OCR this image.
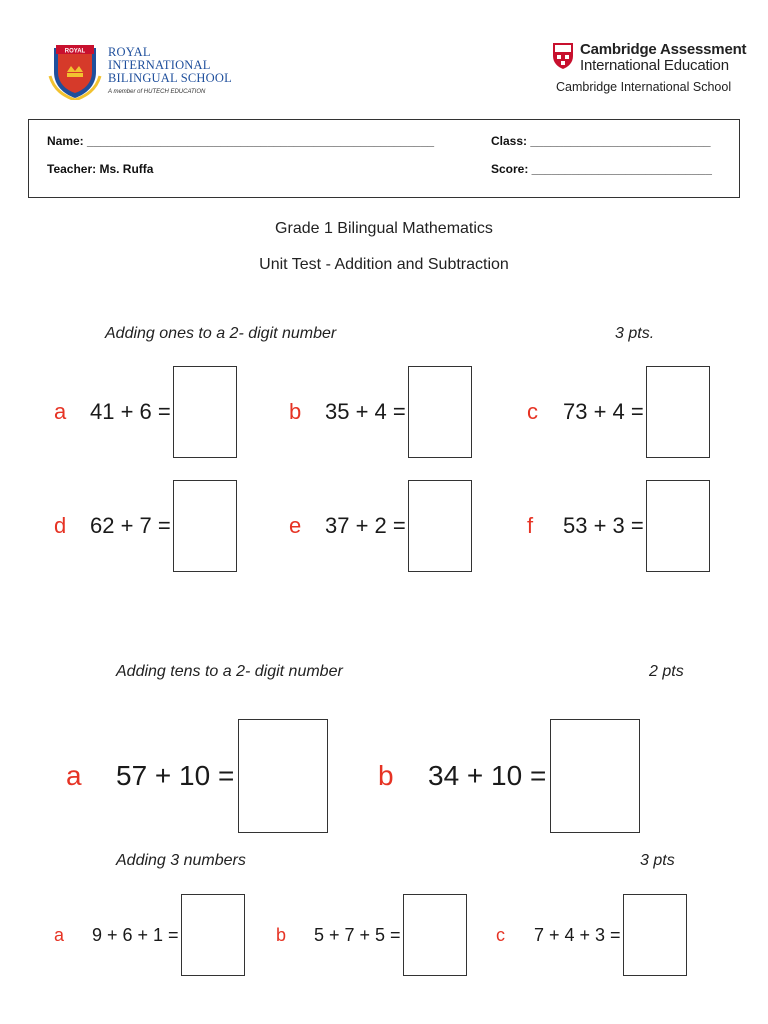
ROYAL ROYAL
INTERNATIONAL
BILINGUAL SCHOOL
A member of HUTECH EDUCATION
Cambridge Assessment
International Education
Cambridge International School
Name: ____________________________________________________	Class: ___________________________
Teacher: Ms. Ruffa	Score: ___________________________
Grade 1 Bilingual Mathematics
Unit Test - Addition and Subtraction
Adding ones to a 2- digit number	3 pts.
a	41 + 6 =	b	35 + 4 =	c	73 + 4 =
d	62 + 7 =	e	37 + 2 =	f	53 + 3 =
Adding tens to a 2- digit number	2 pts
a	57 + 10 =	b	34 + 10 =
Adding 3 numbers	3 pts
a	9 + 6 + 1 =	b	5 + 7 + 5 =	c	7 + 4 + 3 =
